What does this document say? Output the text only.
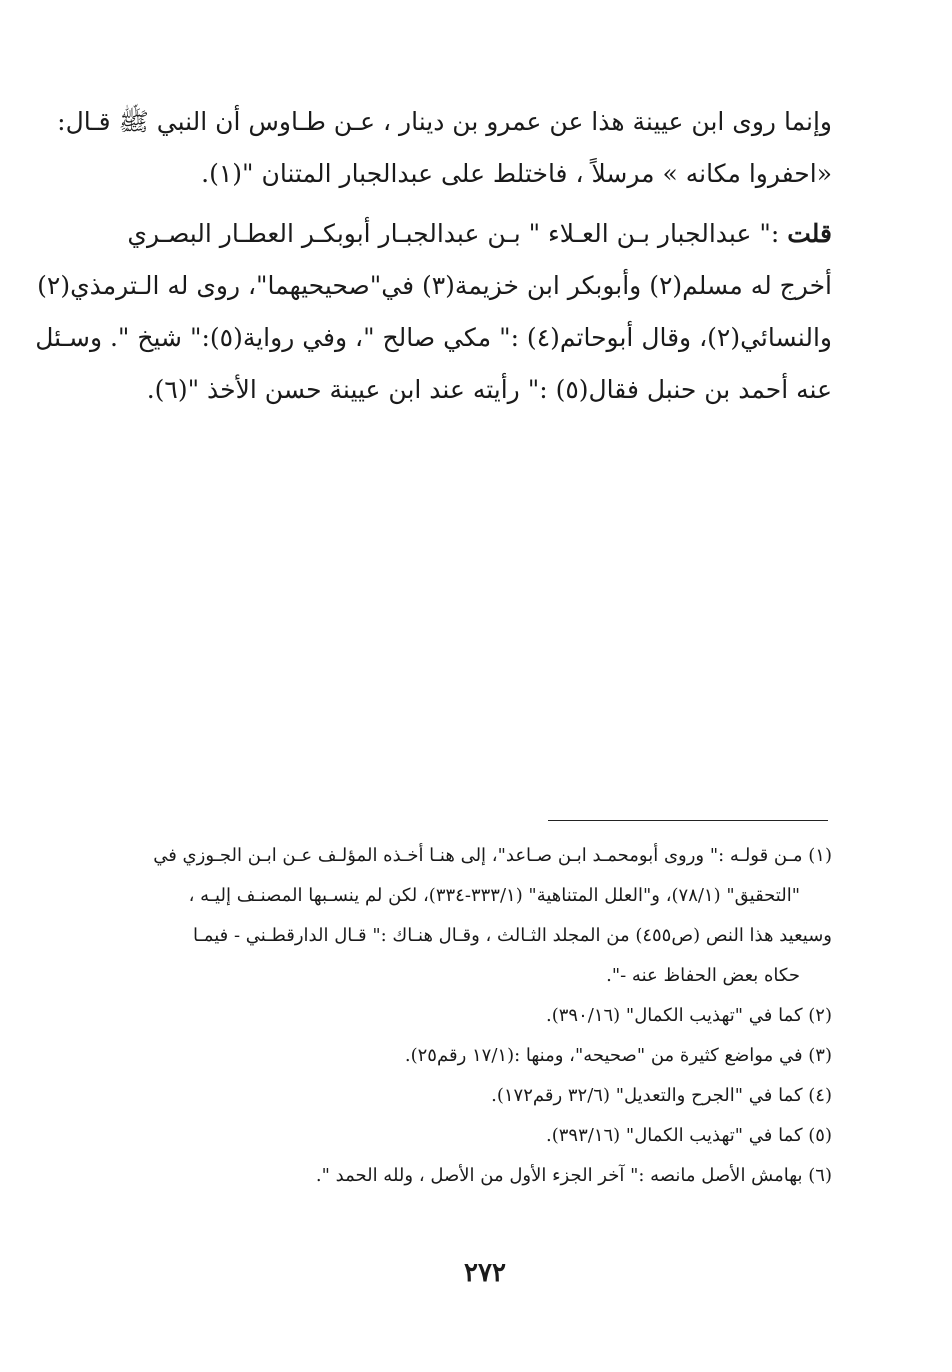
وإنما روى ابن عيينة هذا عن عمرو بن دينار ، عـن طـاوس أن النبي ﷺ قـال:
«احفروا مكانه » مرسلاً ، فاختلط على عبدالجبار المتنان "(١).
قلت :" عبدالجبار بـن العـلاء " بـن عبدالجبـار أبوبكـر العطـار البصـري
أخرج له مسلم(٢) وأبوبكر ابن خزيمة(٣) في"صحيحيهما"، روى له الـترمذي(٢)
والنسائي(٢)، وقال أبوحاتم(٤) :" مكي صالح "، وفي رواية(٥):" شيخ ". وسـئل
عنه أحمد بن حنبل فقال(٥) :" رأيته عند ابن عيينة حسن الأخذ "(٦).
(١) مـن قولـه :" وروى أبومحمـد ابـن صـاعد"، إلى هنـا أخـذه المؤلـف عـن ابـن الجـوزي في
"التحقيق" (٧٨/١)، و"العلل المتناهية" (٣٣٣/١-٣٣٤)، لكن لم ينسـبها المصنـف إليـه ،
وسيعيد هذا النص (ص٤٥٥) من المجلد الثـالث ، وقـال هنـاك :" قـال الدارقطـني - فيمـا
حكاه بعض الحفاظ عنه -".
(٢) كما في "تهذيب الكمال" (٣٩٠/١٦).
(٣) في مواضع كثيرة من "صحيحه"، ومنها :(١٧/١ رقم٢٥).
(٤) كما في "الجرح والتعديل" (٣٢/٦ رقم١٧٢).
(٥) كما في "تهذيب الكمال" (٣٩٣/١٦).
(٦) بهامش الأصل مانصه :" آخر الجزء الأول من الأصل ، ولله الحمد ".
٢٧٢
